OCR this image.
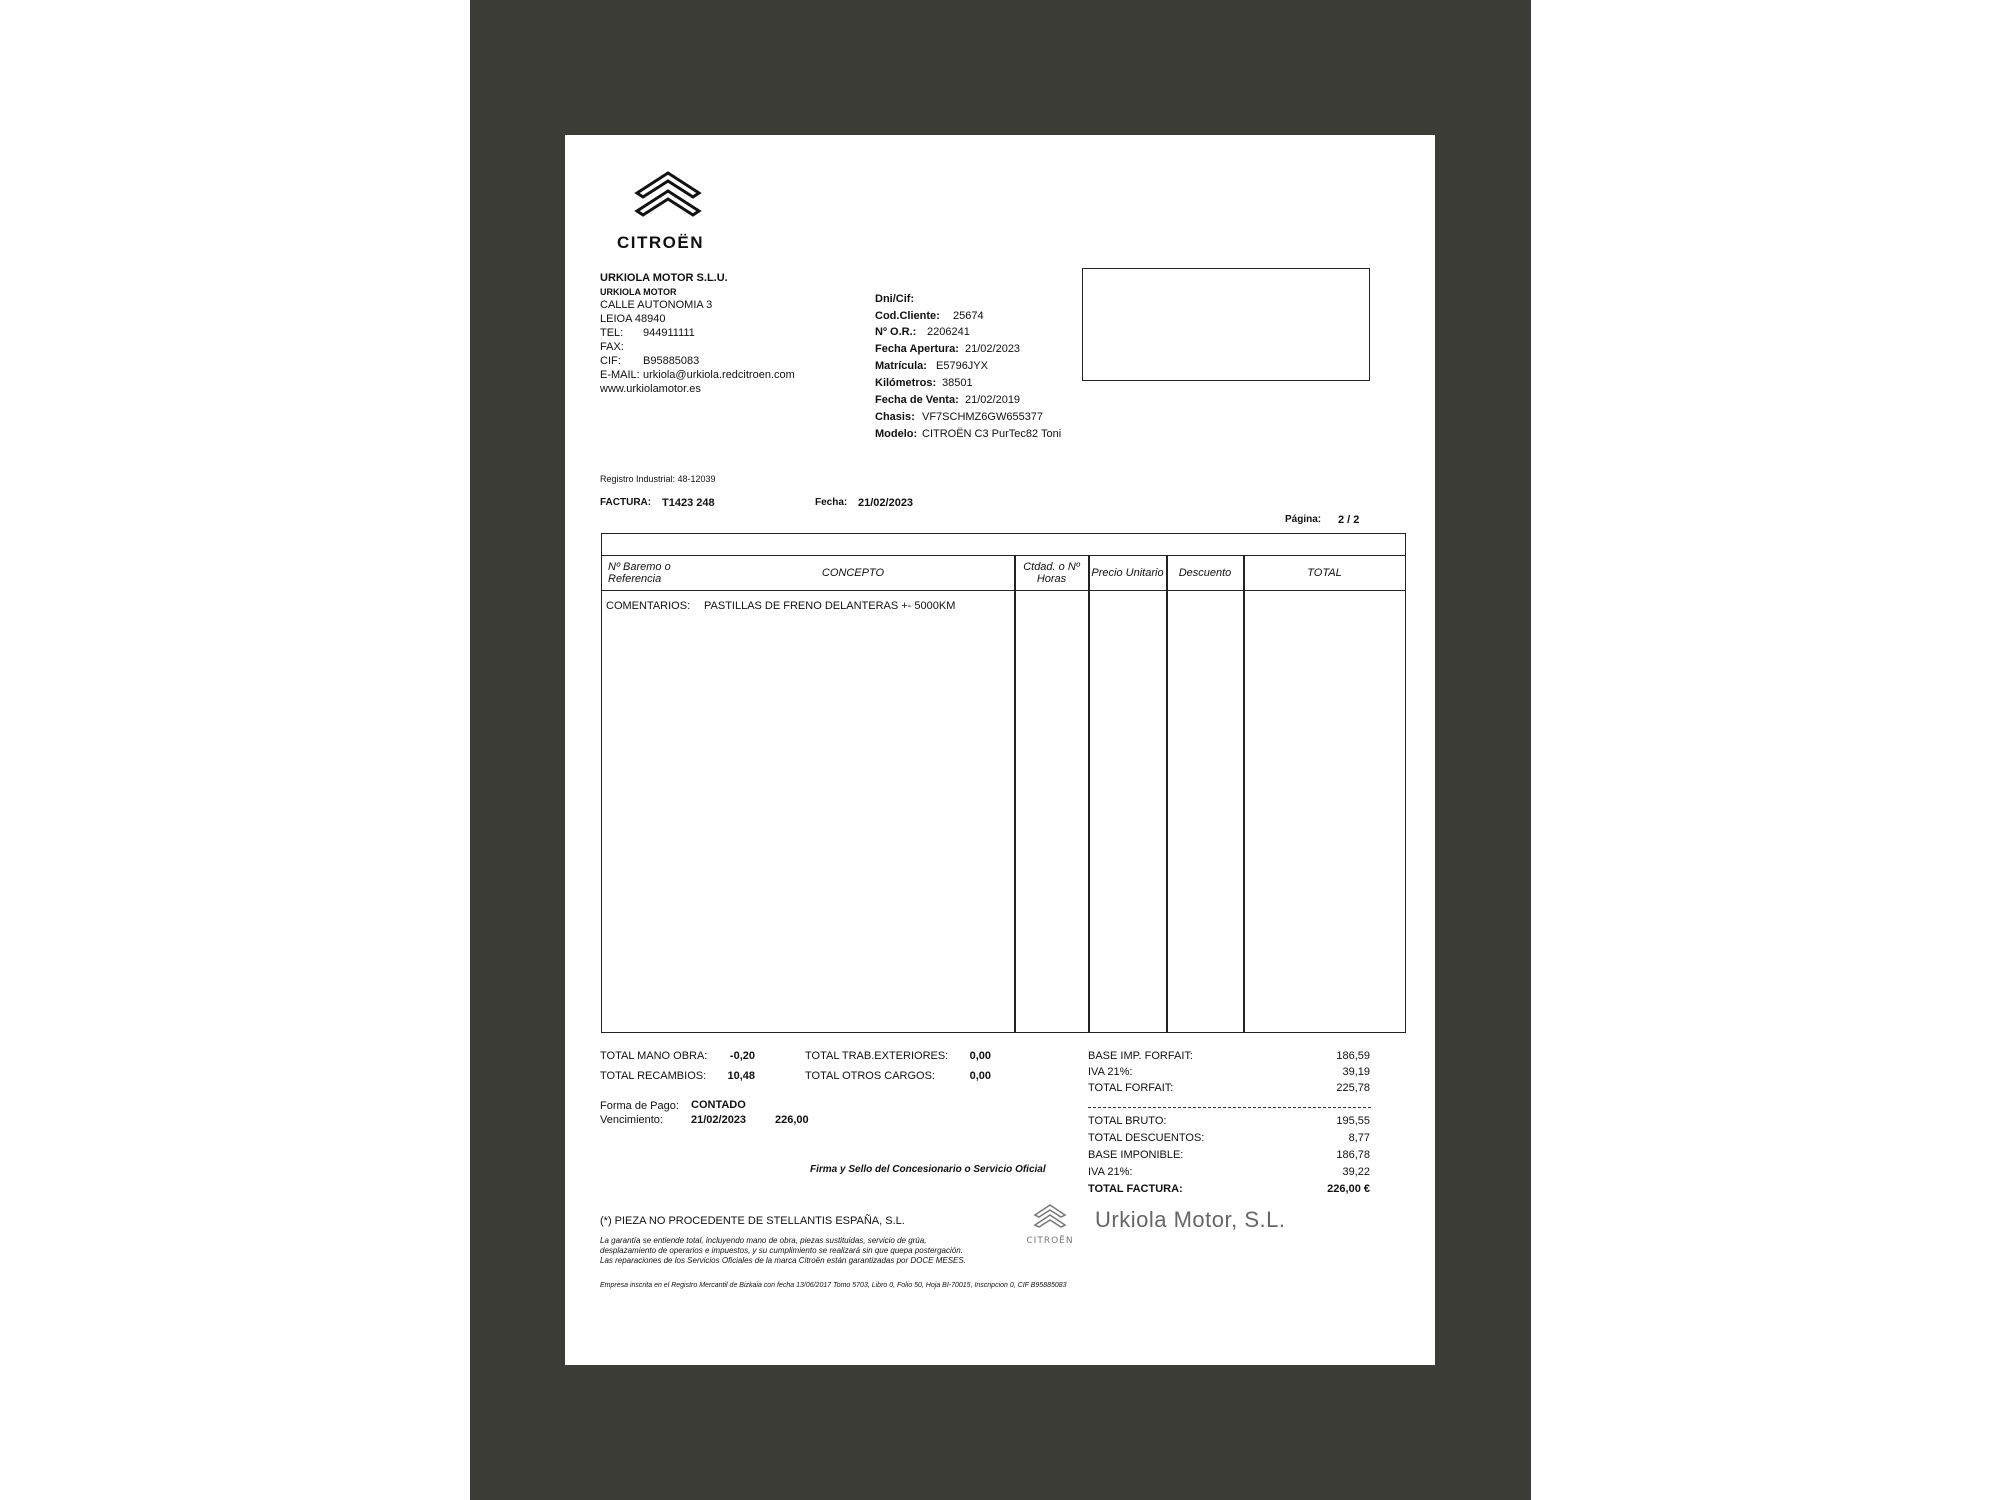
CITROËN
URKIOLA MOTOR S.L.U.
URKIOLA MOTOR
CALLE AUTONOMIA 3
LEIOA 48940
TEL: 944911111
FAX:
CIF: B95885083
E-MAIL: urkiola@urkiola.redcitroen.com
www.urkiolamotor.es
Dni/Cif:
Cod.Cliente: 25674
Nº O.R.: 2206241
Fecha Apertura: 21/02/2023
Matrícula: E5796JYX
Kilómetros: 38501
Fecha de Venta: 21/02/2019
Chasis: VF7SCHMZ6GW655377
Modelo: CITROËN C3 PurTec82 Toni
Registro Industrial: 48-12039
FACTURA: T1423 248	Fecha: 21/02/2023
Página: 2 / 2
Nº Baremo o Referencia	CONCEPTO	Ctdad. o Nº Horas	Precio Unitario	Descuento	TOTAL
COMENTARIOS: PASTILLAS DE FRENO DELANTERAS +- 5000KM
TOTAL MANO OBRA:	-0,20
TOTAL RECAMBIOS:	10,48
TOTAL TRAB.EXTERIORES:	0,00
TOTAL OTROS CARGOS:	0,00
Forma de Pago: CONTADO
Vencimiento:	21/02/2023	226,00
BASE IMP. FORFAIT:	186,59
IVA 21%:	39,19
TOTAL FORFAIT:	225,78
TOTAL BRUTO:	195,55
TOTAL DESCUENTOS:	8,77
BASE IMPONIBLE:	186,78
IVA 21%:	39,22
TOTAL FACTURA:	226,00 €
Firma y Sello del Concesionario o Servicio Oficial
CITROËN
Urkiola Motor, S.L.
(*) PIEZA NO PROCEDENTE DE STELLANTIS ESPAÑA, S.L.
La garantía se entiende total, incluyendo mano de obra, piezas sustituidas, servicio de grúa,
desplazamiento de operarios e impuestos, y su cumplimiento se realizará sin que quepa postergación.
Las reparaciones de los Servicios Oficiales de la marca Citroën están garantizadas por DOCE MESES.
Empresa inscrita en el Registro Mercantil de Bizkaia con fecha 13/06/2017 Tomo 5703, Libro 0, Folio 50, Hoja BI-70015, Inscripcion 0, CIF B95885083
